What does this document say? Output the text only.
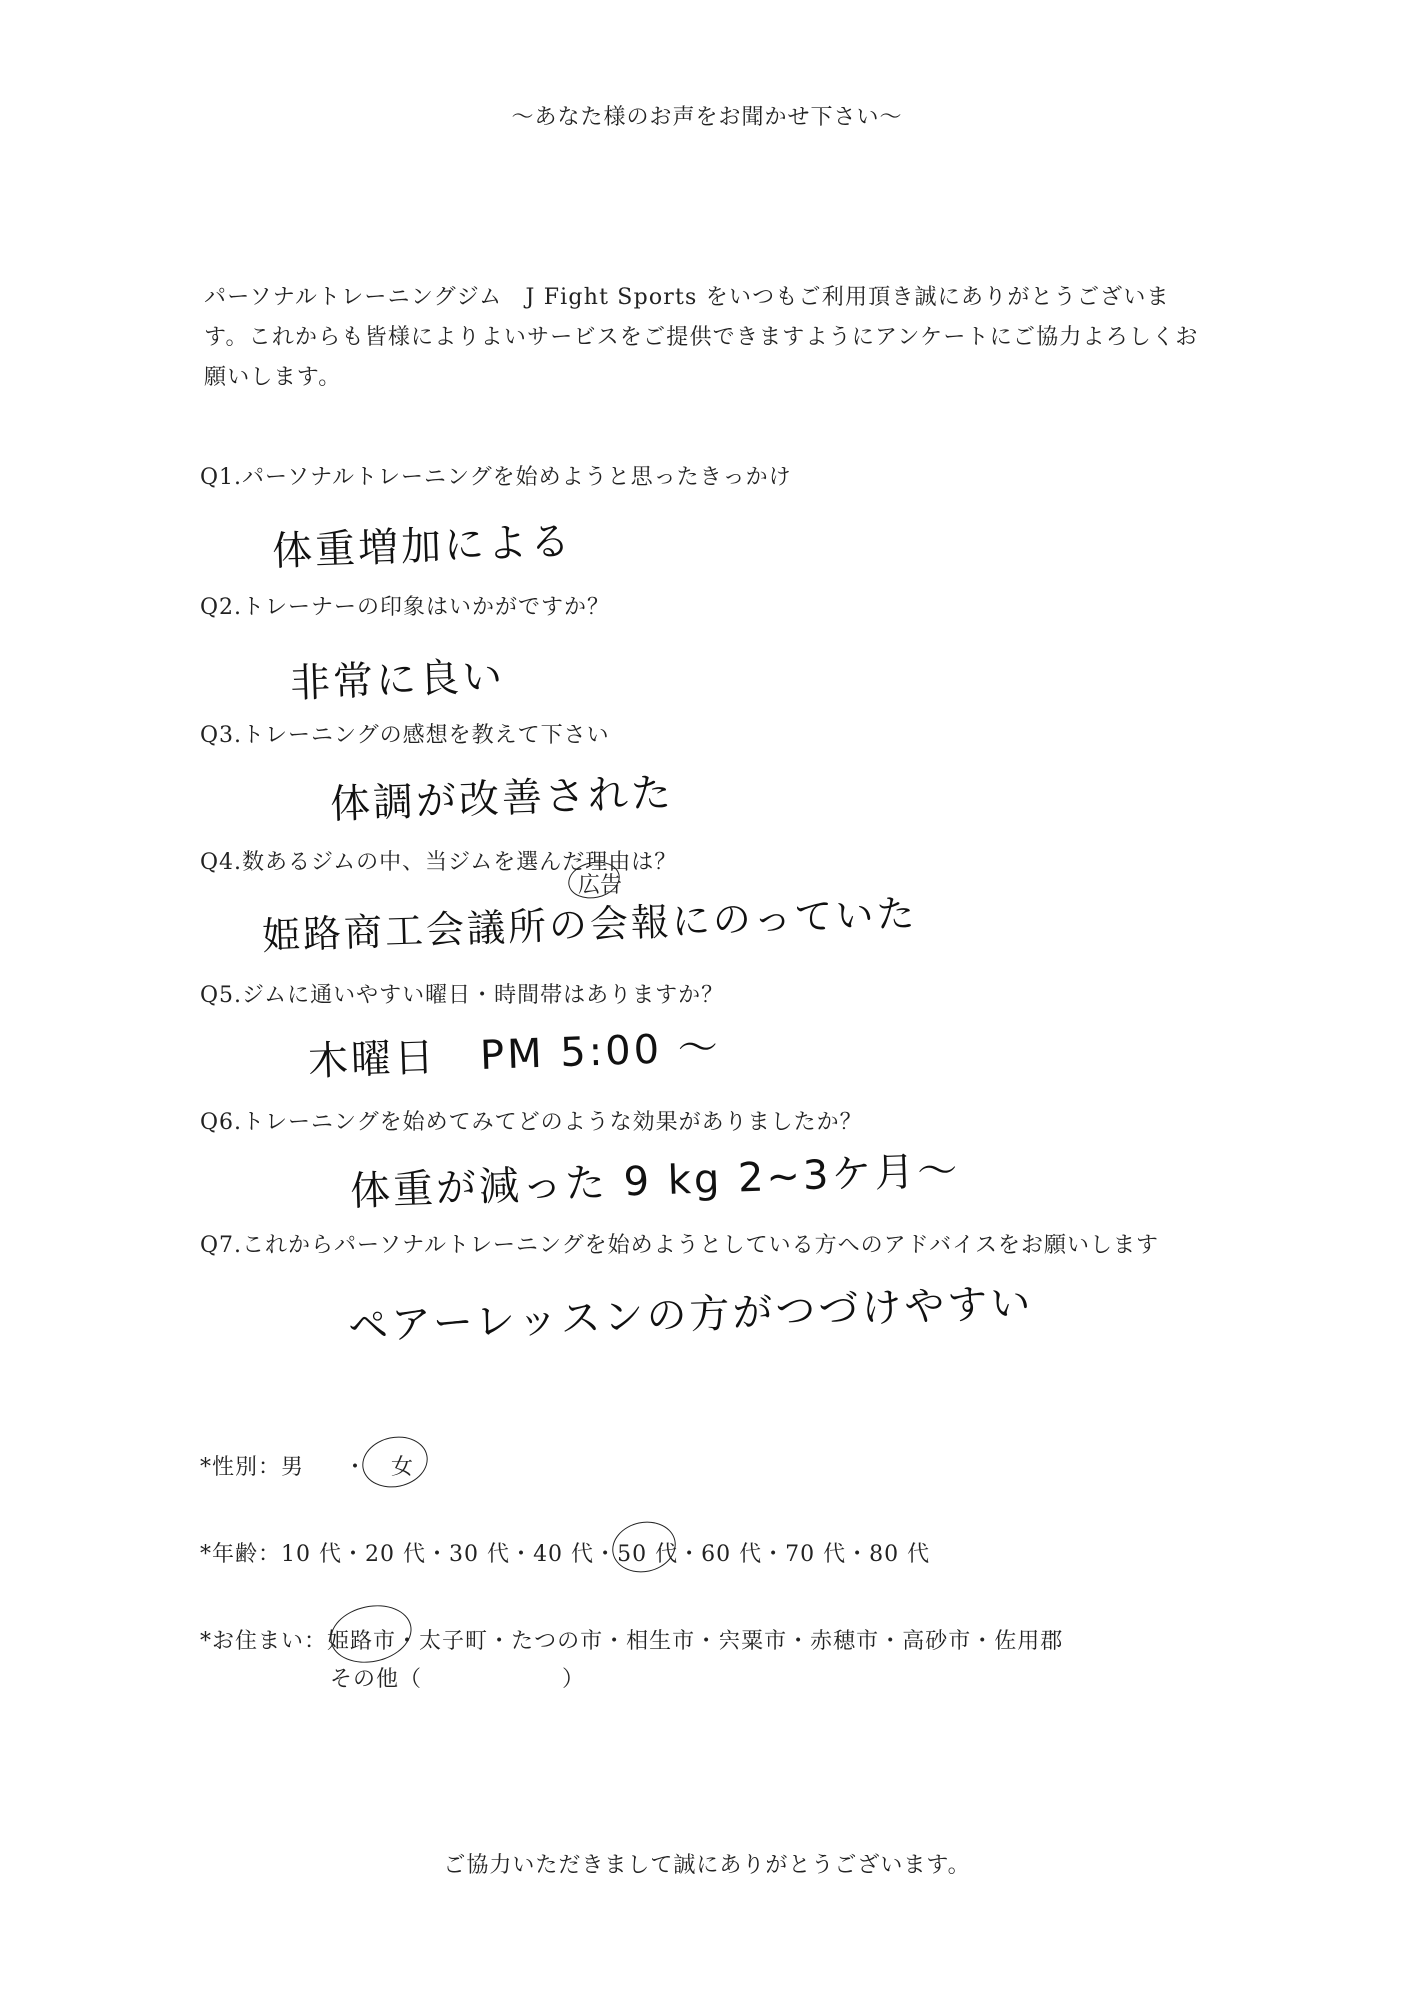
～あなた様のお声をお聞かせ下さい～
パーソナルトレーニングジム　J Fight Sports をいつもご利用頂き誠にありがとうございます。これからも皆様によりよいサービスをご提供できますようにアンケートにご協力よろしくお願いします。
Q1.パーソナルトレーニングを始めようと思ったきっかけ
体重増加による
Q2.トレーナーの印象はいかがですか？
非常に良い
Q3.トレーニングの感想を教えて下さい
体調が改善された
Q4.数あるジムの中、当ジムを選んだ理由は？
姫路商工会議所の会報にのっていた
広告
Q5.ジムに通いやすい曜日・時間帯はありますか？
木曜日　PM 5:00 ～
Q6.トレーニングを始めてみてどのような効果がありましたか？
体重が減った 9 kg 2~3ケ月～
Q7.これからパーソナルトレーニングを始めようとしている方へのアドバイスをお願いします
ペアーレッスンの方がつづけやすい
*性別：男 ・ 女
*年齢：10 代・20 代・30 代・40 代・50 代・60 代・70 代・80 代
*お住まい：姫路市・太子町・たつの市・相生市・宍粟市・赤穂市・高砂市・佐用郡
その他（	）
ご協力いただきまして誠にありがとうございます。
